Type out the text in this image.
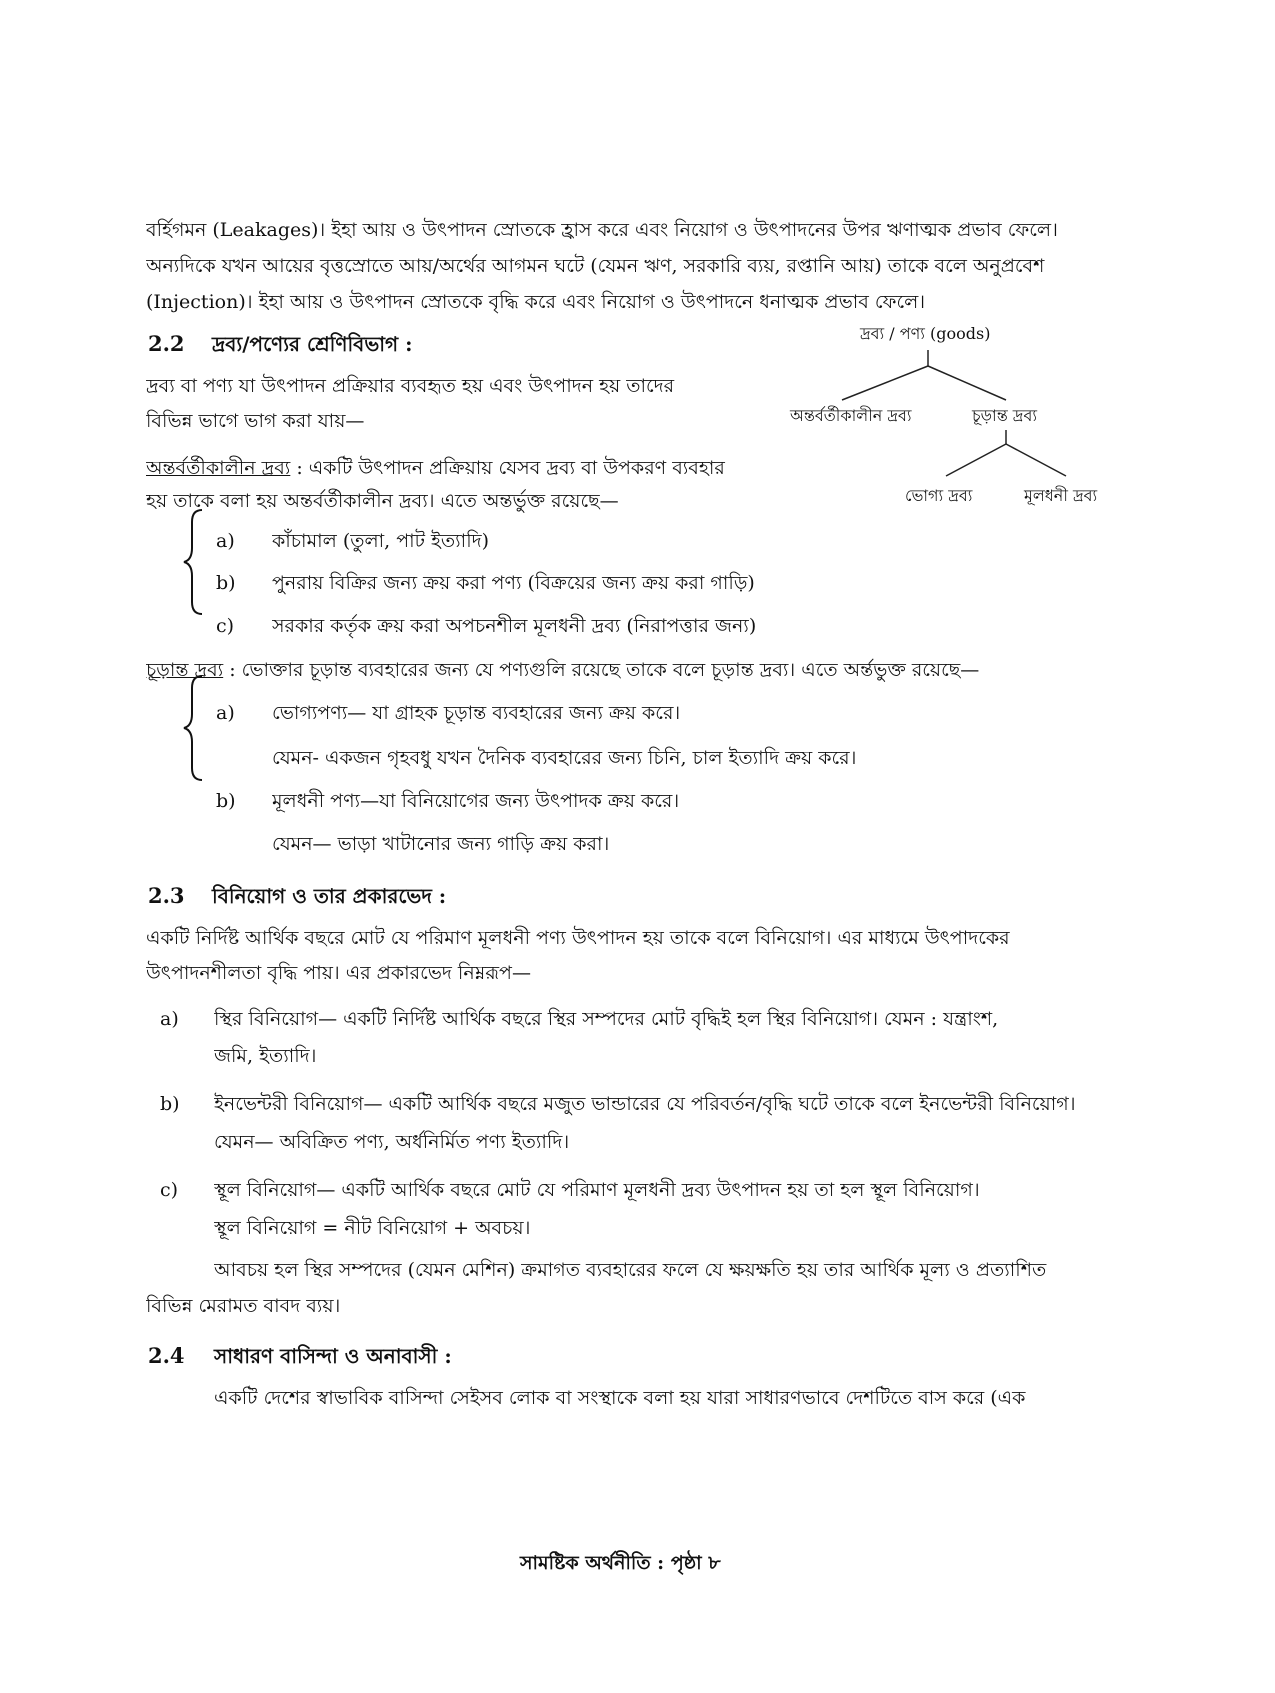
বর্হিগমন (Leakages)। ইহা আয় ও উৎপাদন স্রোতকে হ্রাস করে এবং নিয়োগ ও উৎপাদনের উপর ঋণাত্মক প্রভাব ফেলে।
অন্যদিকে যখন আয়ের বৃত্তস্রোতে আয়/অর্থের আগমন ঘটে (যেমন ঋণ, সরকারি ব্যয়, রপ্তানি আয়) তাকে বলে অনুপ্রবেশ
(Injection)। ইহা আয় ও উৎপাদন স্রোতকে বৃদ্ধি করে এবং নিয়োগ ও উৎপাদনে ধনাত্মক প্রভাব ফেলে।
2.2 দ্রব্য/পণ্যের শ্রেণিবিভাগ :	দ্রব্য / পণ্য (goods)
অন্তর্বর্তীকালীন দ্রব্য	চূড়ান্ত দ্রব্য
ভোগ্য দ্রব্য	মূলধনী দ্রব্য
দ্রব্য বা পণ্য যা উৎপাদন প্রক্রিয়ার ব্যবহৃত হয় এবং উৎপাদন হয় তাদের
বিভিন্ন ভাগে ভাগ করা যায়—
অন্তর্বর্তীকালীন দ্রব্য : একটি উৎপাদন প্রক্রিয়ায় যেসব দ্রব্য বা উপকরণ ব্যবহার
হয় তাকে বলা হয় অন্তর্বর্তীকালীন দ্রব্য। এতে অন্তর্ভুক্ত রয়েছে—
a) কাঁচামাল (তুলা, পাট ইত্যাদি)
b) পুনরায় বিক্রির জন্য ক্রয় করা পণ্য (বিক্রয়ের জন্য ক্রয় করা গাড়ি)
c) সরকার কর্তৃক ক্রয় করা অপচনশীল মূলধনী দ্রব্য (নিরাপত্তার জন্য)
চূড়ান্ত দ্রব্য : ভোক্তার চূড়ান্ত ব্যবহারের জন্য যে পণ্যগুলি রয়েছে তাকে বলে চূড়ান্ত দ্রব্য। এতে অর্ন্তভুক্ত রয়েছে—
a) ভোগ্যপণ্য— যা গ্রাহক চূড়ান্ত ব্যবহারের জন্য ক্রয় করে।
যেমন- একজন গৃহবধু যখন দৈনিক ব্যবহারের জন্য চিনি, চাল ইত্যাদি ক্রয় করে।
b) মূলধনী পণ্য—যা বিনিয়োগের জন্য উৎপাদক ক্রয় করে।
যেমন— ভাড়া খাটানোর জন্য গাড়ি ক্রয় করা।
2.3 বিনিয়োগ ও তার প্রকারভেদ :
একটি নির্দিষ্ট আর্থিক বছরে মোট যে পরিমাণ মূলধনী পণ্য উৎপাদন হয় তাকে বলে বিনিয়োগ। এর মাধ্যমে উৎপাদকের
উৎপাদনশীলতা বৃদ্ধি পায়। এর প্রকারভেদ নিম্নরূপ—
a) স্থির বিনিয়োগ— একটি নির্দিষ্ট আর্থিক বছরে স্থির সম্পদের মোট বৃদ্ধিই হল স্থির বিনিয়োগ। যেমন : যন্ত্রাংশ,
জমি, ইত্যাদি।
b) ইনভেন্টরী বিনিয়োগ— একটি আর্থিক বছরে মজুত ভান্ডারের যে পরিবর্তন/বৃদ্ধি ঘটে তাকে বলে ইনভেন্টরী বিনিয়োগ।
যেমন— অবিক্রিত পণ্য, অর্ধনির্মিত পণ্য ইত্যাদি।
c) স্থূল বিনিয়োগ— একটি আর্থিক বছরে মোট যে পরিমাণ মূলধনী দ্রব্য উৎপাদন হয় তা হল স্থূল বিনিয়োগ।
স্থূল বিনিয়োগ = নীট বিনিয়োগ + অবচয়।
আবচয় হল স্থির সম্পদের (যেমন মেশিন) ক্রমাগত ব্যবহারের ফলে যে ক্ষয়ক্ষতি হয় তার আর্থিক মূল্য ও প্রত্যাশিত
বিভিন্ন মেরামত বাবদ ব্যয়।
2.4 সাধারণ বাসিন্দা ও অনাবাসী :
একটি দেশের স্বাভাবিক বাসিন্দা সেইসব লোক বা সংস্থাকে বলা হয় যারা সাধারণভাবে দেশটিতে বাস করে (এক
সামষ্টিক অর্থনীতি : পৃষ্ঠা ৮
